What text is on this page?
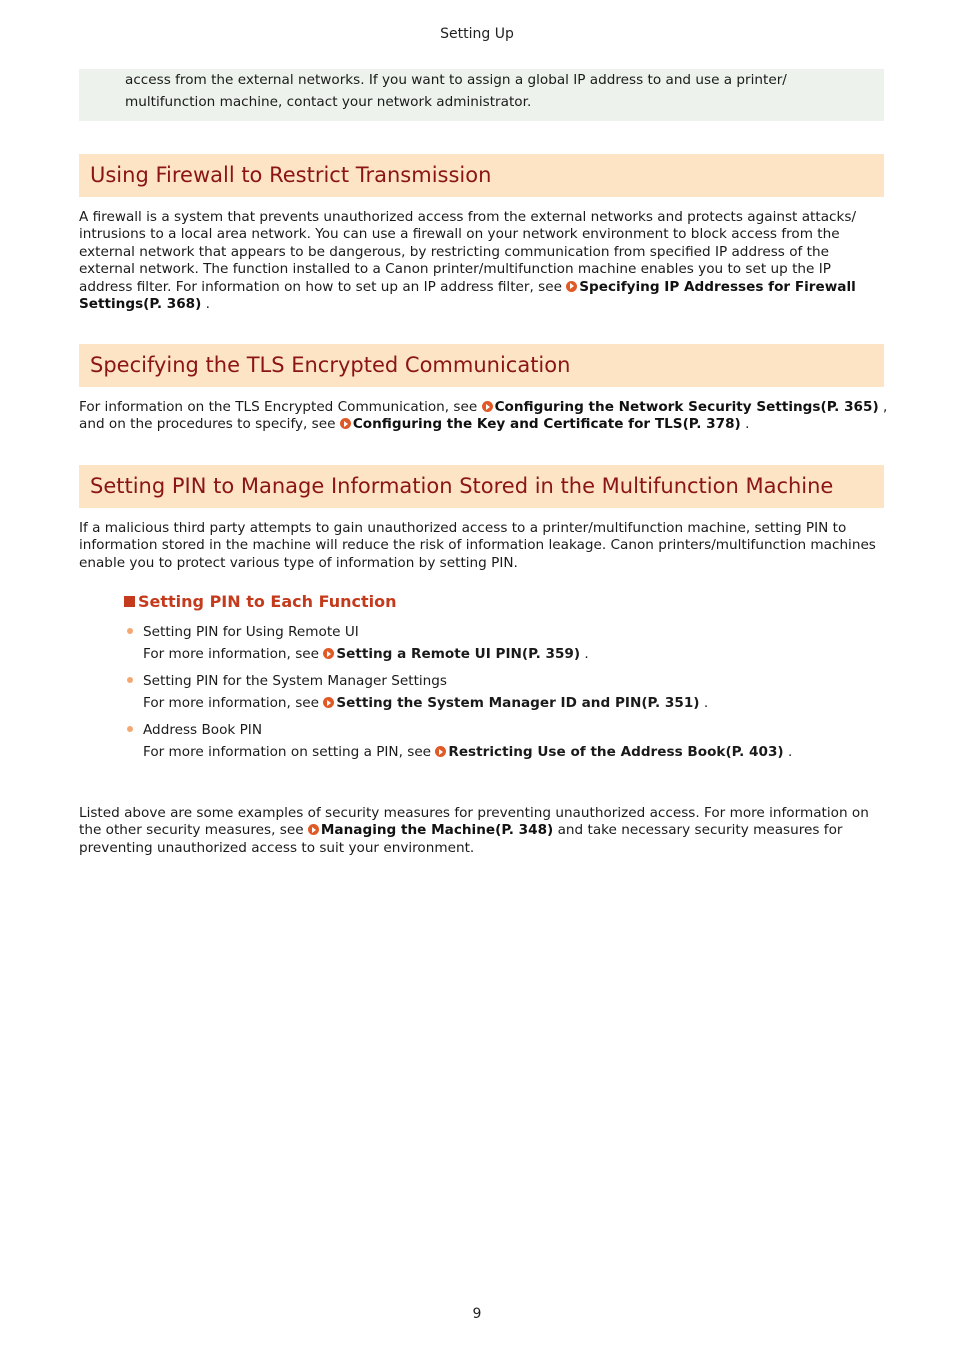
Setting Up

access from the external networks. If you want to assign a global IP address to and use a printer/

multifunction machine, contact your network administrator.

Using Firewall to Restrict Transmission
A firewall is a system that prevents unauthorized access from the external networks and protects against attacks/
intrusions to a local area network. You can use a firewall on your network environment to block access from the
external network that appears to be dangerous, by restricting communication from specified IP address of the
external network. The function installed to a Canon printer/multifunction machine enables you to set up the IP
address filter. For information on how to set up an IP address filter, see Specifying IP Addresses for Firewall
Settings(P. 368) .
Specifying the TLS Encrypted Communication
For information on the TLS Encrypted Communication, see Configuring the Network Security Settings(P. 365) ,
and on the procedures to specify, see Configuring the Key and Certificate for TLS(P. 378) .
Setting PIN to Manage Information Stored in the Multifunction Machine
If a malicious third party attempts to gain unauthorized access to a printer/multifunction machine, setting PIN to
information stored in the machine will reduce the risk of information leakage. Canon printers/multifunction machines
enable you to protect various type of information by setting PIN.
Setting PIN to Each Function
Setting PIN for Using Remote UI
For more information, see Setting a Remote UI PIN(P. 359) .
Setting PIN for the System Manager Settings
For more information, see Setting the System Manager ID and PIN(P. 351) .
Address Book PIN
For more information on setting a PIN, see Restricting Use of the Address Book(P. 403) .
Listed above are some examples of security measures for preventing unauthorized access. For more information on
the other security measures, see Managing the Machine(P. 348) and take necessary security measures for
preventing unauthorized access to suit your environment.
9
